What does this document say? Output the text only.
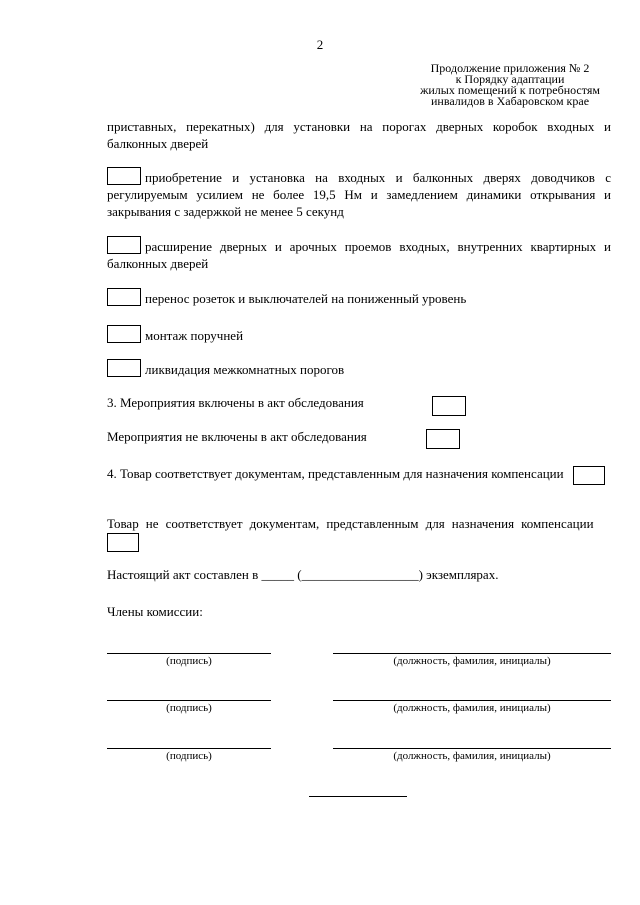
2
Продолжение приложения № 2
к Порядку адаптации
жилых помещений к потребностям
инвалидов в Хабаровском крае
приставных, перекатных) для установки на порогах дверных коробок входных и балконных дверей
приобретение и установка на входных и балконных дверях доводчиков с регулируемым усилием не более 19,5 Нм и замедлением динамики открывания и закрывания с задержкой не менее 5 секунд
расширение дверных и арочных проемов входных, внутренних квартирных и балконных дверей
перенос розеток и выключателей на пониженный уровень
монтаж поручней
ликвидация межкомнатных порогов
3. Мероприятия включены в акт обследования
Мероприятия не включены в акт обследования
4. Товар соответствует документам, представленным для назначения компенсации
Товар не соответствует документам, представленным для назначения компенсации
Настоящий акт составлен в _____ (__________________) экземплярах.
Члены комиссии:
(подпись)	(должность, фамилия, инициалы)
(подпись)	(должность, фамилия, инициалы)
(подпись)	(должность, фамилия, инициалы)
